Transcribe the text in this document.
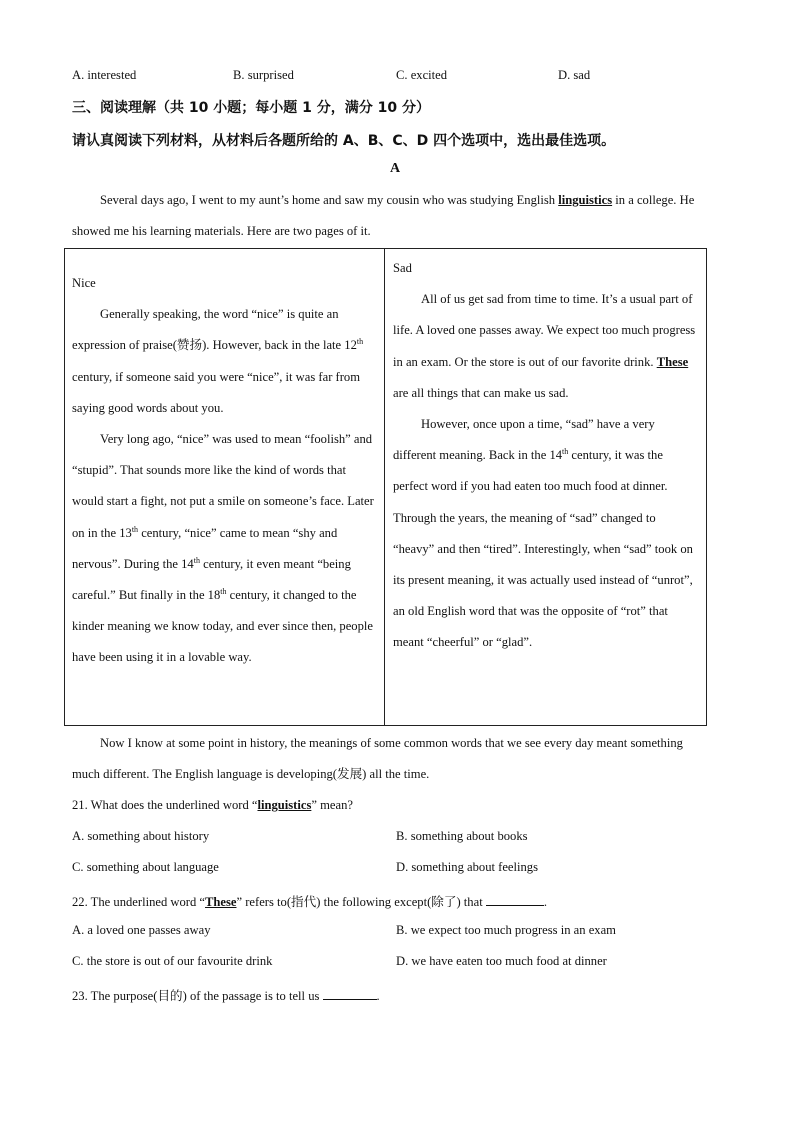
A. interested	B. surprised	C. excited	D. sad
三、阅读理解（共 10 小题；每小题 1 分，满分 10 分）
请认真阅读下列材料，从材料后各题所给的 A、B、C、D 四个选项中，选出最佳选项。
A
Several days ago, I went to my aunt’s home and saw my cousin who was studying English linguistics in a college. He showed me his learning materials. Here are two pages of it.

Nice

Generally speaking, the word “nice” is quite an expression of praise(赞扬). However, back in the late 12th century, if someone said you were “nice”, it was far from saying good words about you.

Very long ago, “nice” was used to mean “foolish” and “stupid”. That sounds more like the kind of words that would start a fight, not put a smile on someone’s face. Later on in the 13th century, “nice” came to mean “shy and nervous”. During the 14th century, it even meant “being careful.” But finally in the 18th century, it changed to the kinder meaning we know today, and ever since then, people have been using it in a lovable way.

Sad

All of us get sad from time to time. It’s a usual part of life. A loved one passes away. We expect too much progress in an exam. Or the store is out of our favorite drink. These are all things that can make us sad.

However, once upon a time, “sad” have a very different meaning. Back in the 14th century, it was the perfect word if you had eaten too much food at dinner.

Through the years, the meaning of “sad” changed to “heavy” and then “tired”. Interestingly, when “sad” took on its present meaning, it was actually used instead of “unrot”, an old English word that was the opposite of “rot” that meant “cheerful” or “glad”.

Now I know at some point in history, the meanings of some common words that we see every day meant something much different. The English language is developing(发展) all the time.
21. What does the underlined word “linguistics” mean?
A. something about history	B. something about books
C. something about language	D. something about feelings
22. The underlined word “These” refers to(指代) the following except(除了) that	.
A. a loved one passes away	B. we expect too much progress in an exam
C. the store is out of our favourite drink	D. we have eaten too much food at dinner
23. The purpose(目的) of the passage is to tell us	.
